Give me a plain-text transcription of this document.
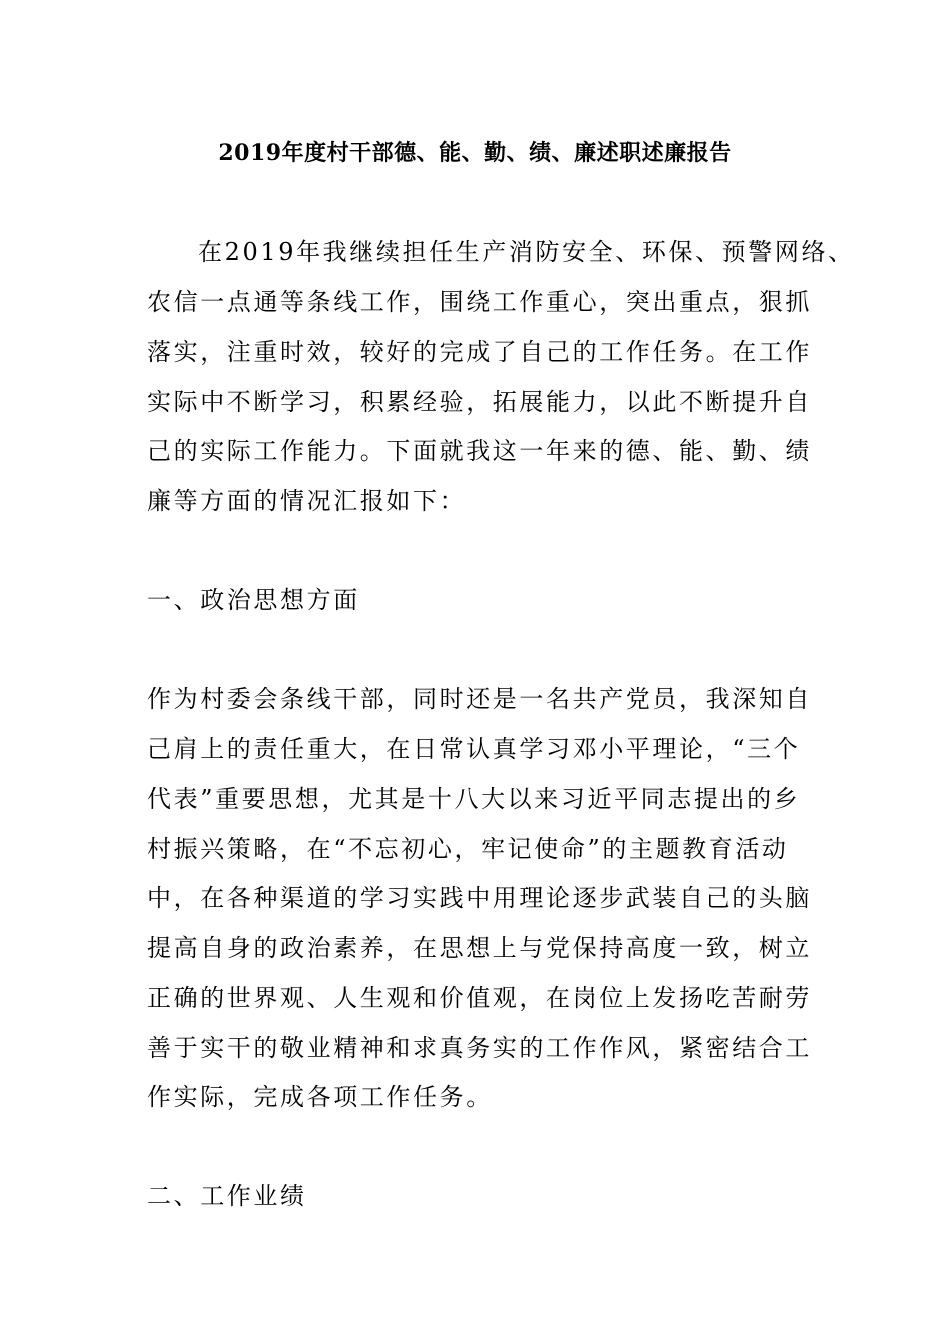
2019年度村干部德、能、勤、绩、廉述职述廉报告
在2019年我继续担任生产消防安全、环保、预警网络、
农信一点通等条线工作，围绕工作重心，突出重点，狠抓
落实，注重时效，较好的完成了自己的工作任务。在工作
实际中不断学习，积累经验，拓展能力，以此不断提升自
己的实际工作能力。下面就我这一年来的德、能、勤、绩
廉等方面的情况汇报如下：
一、政治思想方面
作为村委会条线干部，同时还是一名共产党员，我深知自
己肩上的责任重大，在日常认真学习邓小平理论，“三个
代表”重要思想，尤其是十八大以来习近平同志提出的乡
村振兴策略，在“不忘初心，牢记使命”的主题教育活动
中，在各种渠道的学习实践中用理论逐步武装自己的头脑
提高自身的政治素养，在思想上与党保持高度一致，树立
正确的世界观、人生观和价值观，在岗位上发扬吃苦耐劳
善于实干的敬业精神和求真务实的工作作风，紧密结合工
作实际，完成各项工作任务。
二、工作业绩
